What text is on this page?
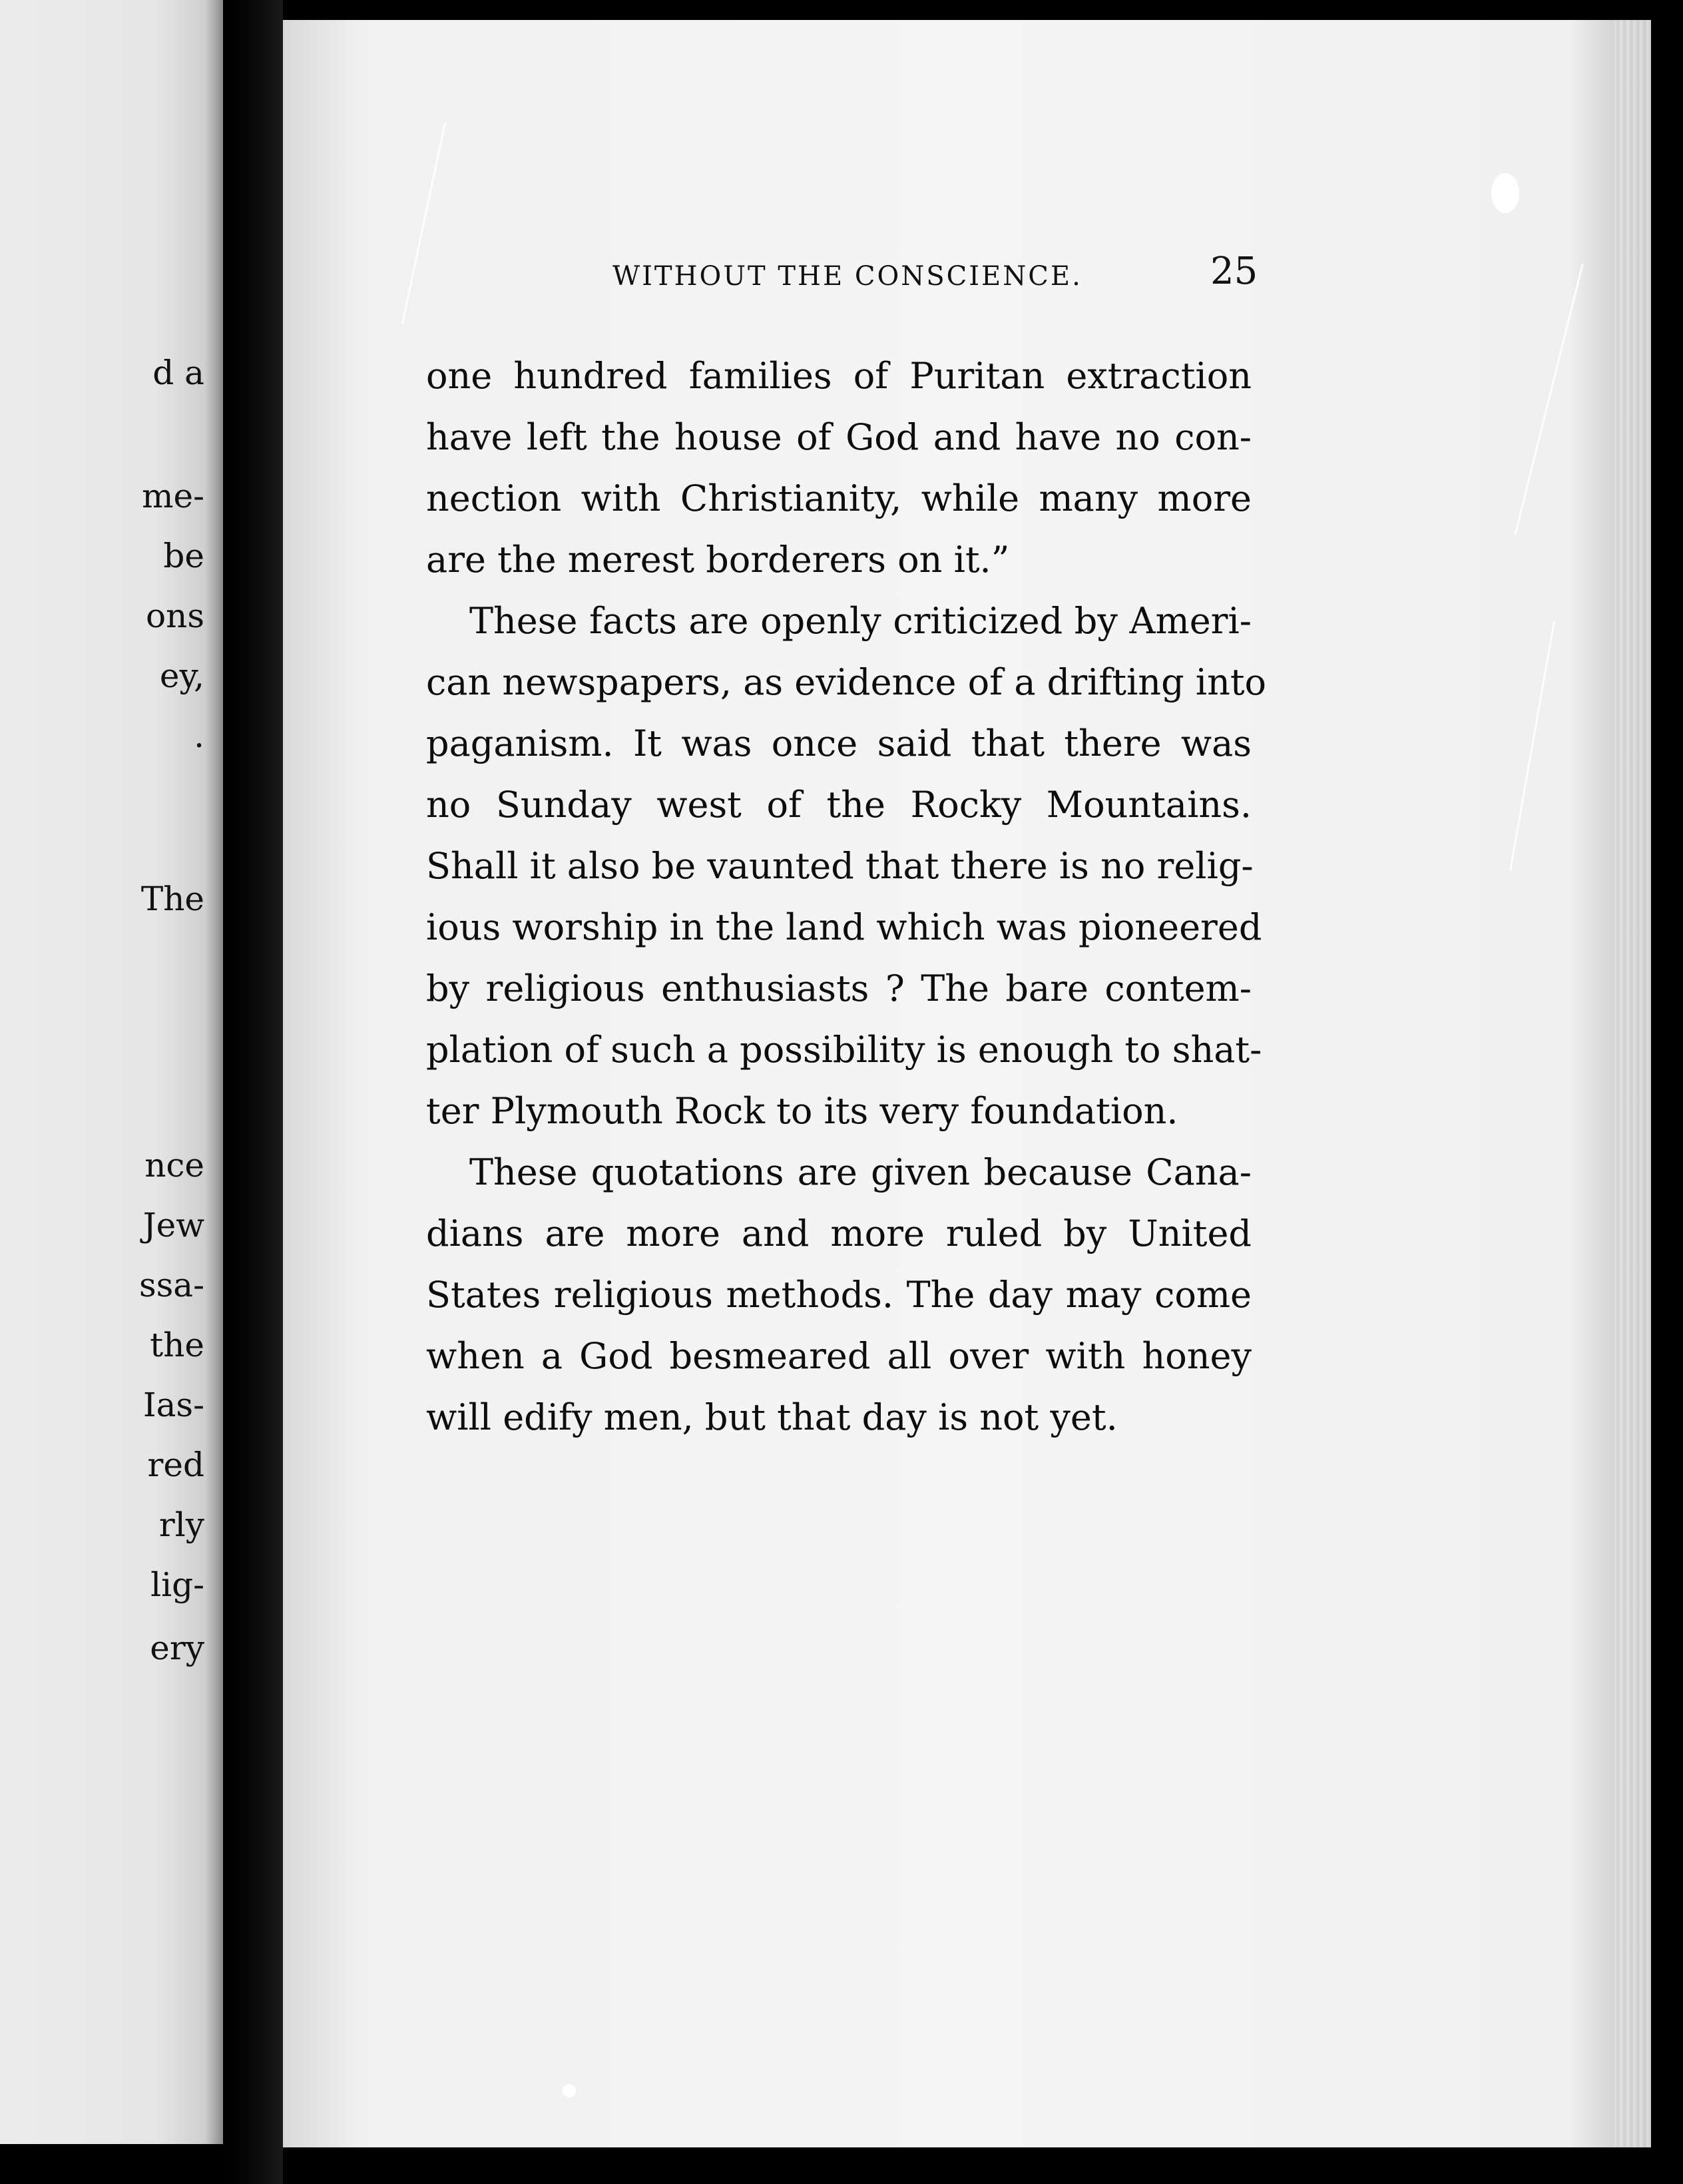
d a
me-
be
ons
ey,
.
The
nce
Jew
ssa-
the
Ias-
red
rly
lig-
ery
WITHOUT THE CONSCIENCE.	25
one hundred families of Puritan extraction
have left the house of God and have no con-
nection with Christianity, while many more
are the merest borderers on it.”
These facts are openly criticized by Ameri-
can newspapers, as evidence of a drifting into
paganism. It was once said that there was
no Sunday west of the Rocky Mountains.
Shall it also be vaunted that there is no relig-
ious worship in the land which was pioneered
by religious enthusiasts ? The bare contem-
plation of such a possibility is enough to shat-
ter Plymouth Rock to its very foundation.
These quotations are given because Cana-
dians are more and more ruled by United
States religious methods. The day may come
when a God besmeared all over with honey
will edify men, but that day is not yet.
